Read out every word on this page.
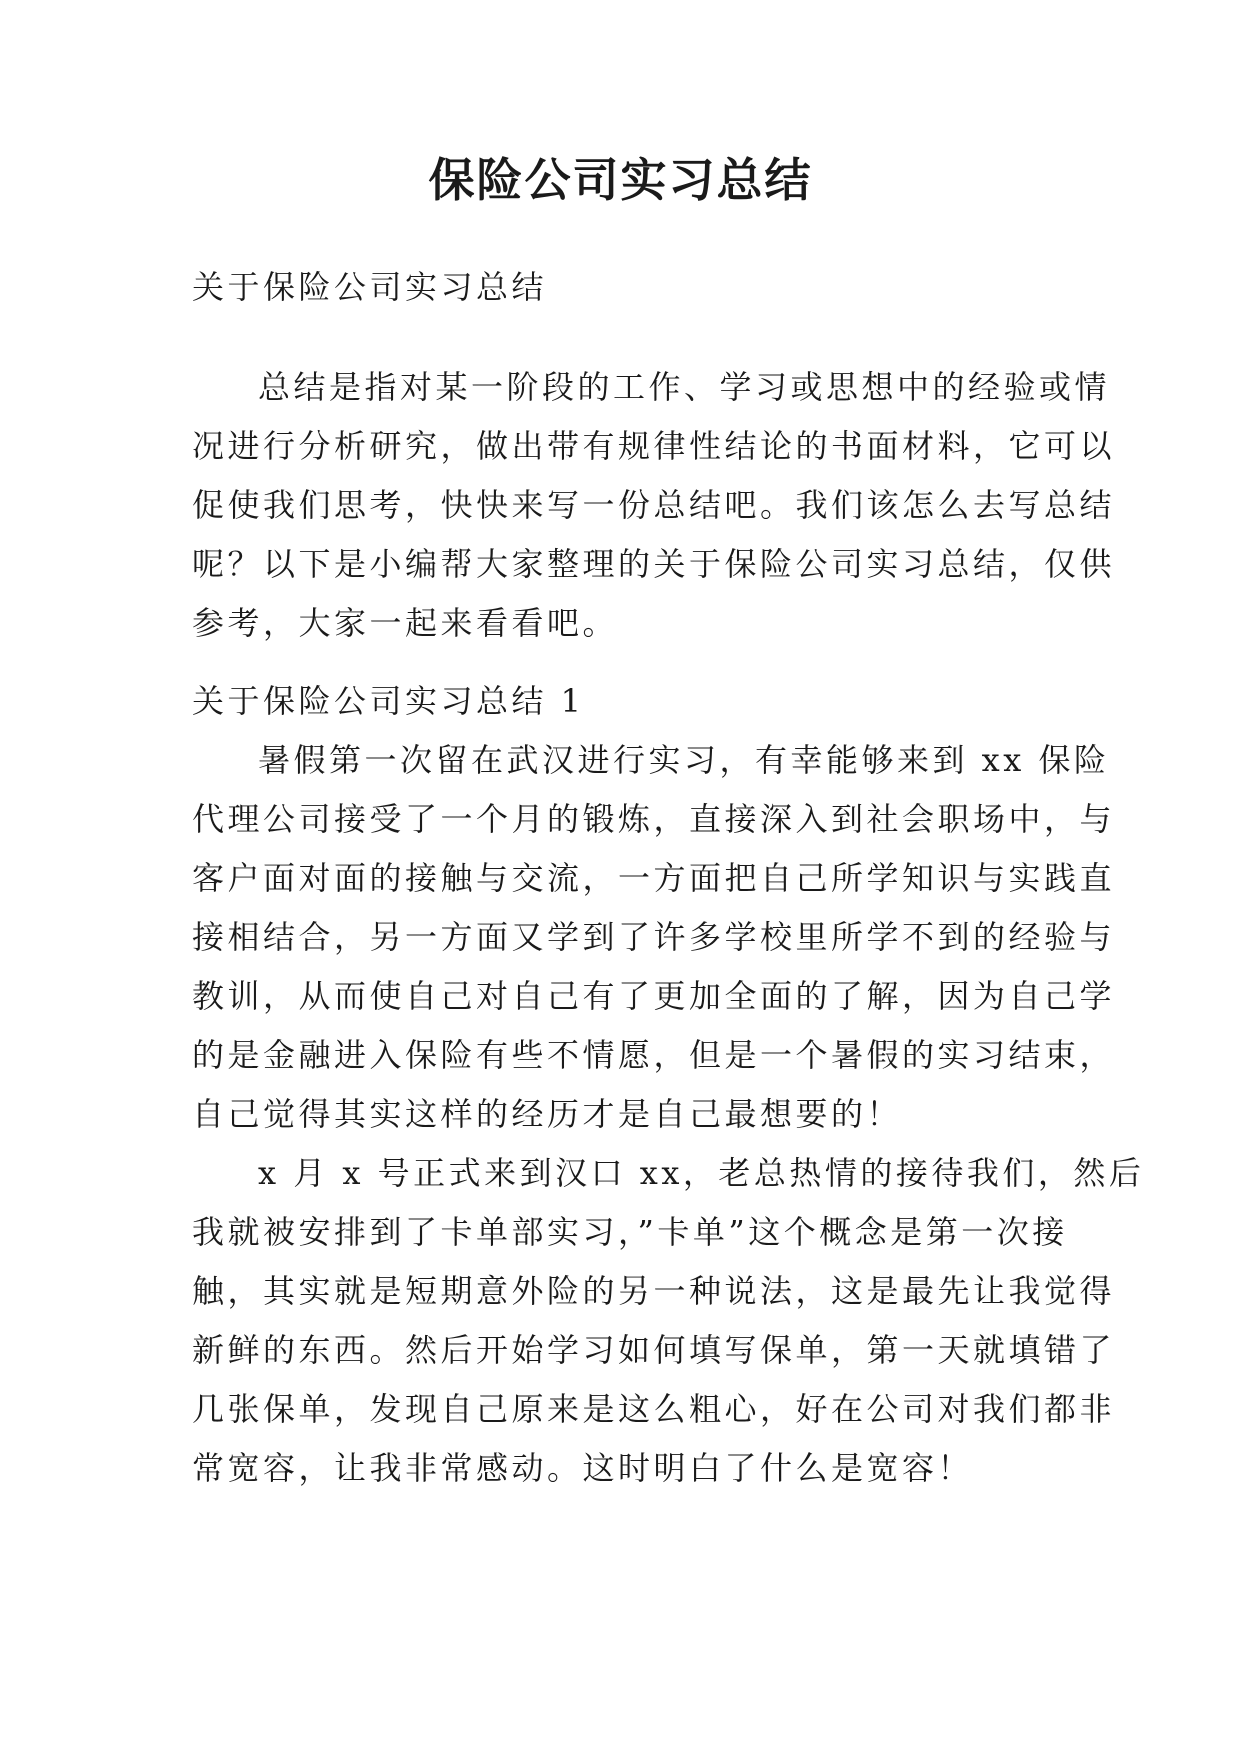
保险公司实习总结
关于保险公司实习总结
总结是指对某一阶段的工作、学习或思想中的经验或情
况进行分析研究，做出带有规律性结论的书面材料，它可以
促使我们思考，快快来写一份总结吧。我们该怎么去写总结
呢？以下是小编帮大家整理的关于保险公司实习总结，仅供
参考，大家一起来看看吧。
关于保险公司实习总结 1
暑假第一次留在武汉进行实习，有幸能够来到 xx 保险
代理公司接受了一个月的锻炼，直接深入到社会职场中，与
客户面对面的接触与交流，一方面把自己所学知识与实践直
接相结合，另一方面又学到了许多学校里所学不到的经验与
教训，从而使自己对自己有了更加全面的了解，因为自己学
的是金融进入保险有些不情愿，但是一个暑假的实习结束，
自己觉得其实这样的经历才是自己最想要的！
x 月 x 号正式来到汉口 xx，老总热情的接待我们，然后
我就被安排到了卡单部实习，”卡单”这个概念是第一次接
触，其实就是短期意外险的另一种说法，这是最先让我觉得
新鲜的东西。然后开始学习如何填写保单，第一天就填错了
几张保单，发现自己原来是这么粗心，好在公司对我们都非
常宽容，让我非常感动。这时明白了什么是宽容！
